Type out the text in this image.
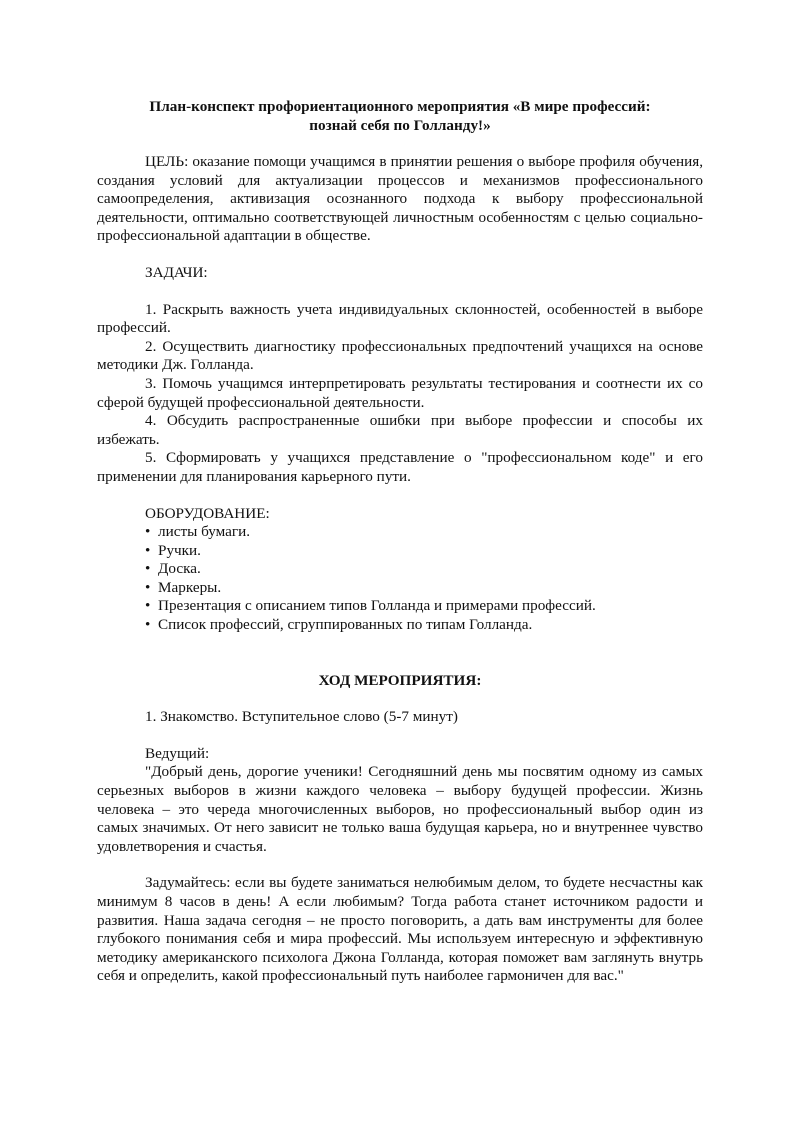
План-конспект профориентационного мероприятия «В мире профессий:
познай себя по Голланду!»

ЦЕЛЬ: оказание помощи учащимся в принятии решения о выборе профиля обучения, создания условий для актуализации процессов и механизмов профессионального самоопределения, активизация осознанного подхода к выбору профессиональной деятельности, оптимально соответствующей личностным особенностям с целью социально-профессиональной адаптации в обществе.

ЗАДАЧИ:

1. Раскрыть важность учета индивидуальных склонностей, особенностей в выборе профессий.

2. Осуществить диагностику профессиональных предпочтений учащихся на основе методики Дж. Голланда.

3. Помочь учащимся интерпретировать результаты тестирования и соотнести их со сферой будущей профессиональной деятельности.

4. Обсудить распространенные ошибки при выборе профессии и способы их избежать.

5. Сформировать у учащихся представление о "профессиональном коде" и его применении для планирования карьерного пути.

ОБОРУДОВАНИЕ:

• листы бумаги.
• Ручки.
• Доска.
• Маркеры.
• Презентация с описанием типов Голланда и примерами профессий.
• Список профессий, сгруппированных по типам Голланда.

ХОД МЕРОПРИЯТИЯ:

1. Знакомство. Вступительное слово (5-7 минут)

Ведущий:

"Добрый день, дорогие ученики! Сегодняшний день мы посвятим одному из самых серьезных выборов в жизни каждого человека – выбору будущей профессии. Жизнь человека – это череда многочисленных выборов, но профессиональный выбор один из самых значимых. От него зависит не только ваша будущая карьера, но и внутреннее чувство удовлетворения и счастья.

Задумайтесь: если вы будете заниматься нелюбимым делом, то будете несчастны как минимум 8 часов в день! А если любимым? Тогда работа станет источником радости и развития. Наша задача сегодня – не просто поговорить, а дать вам инструменты для более глубокого понимания себя и мира профессий. Мы используем интересную и эффективную методику американского психолога Джона Голланда, которая поможет вам заглянуть внутрь себя и определить, какой профессиональный путь наиболее гармоничен для вас."
